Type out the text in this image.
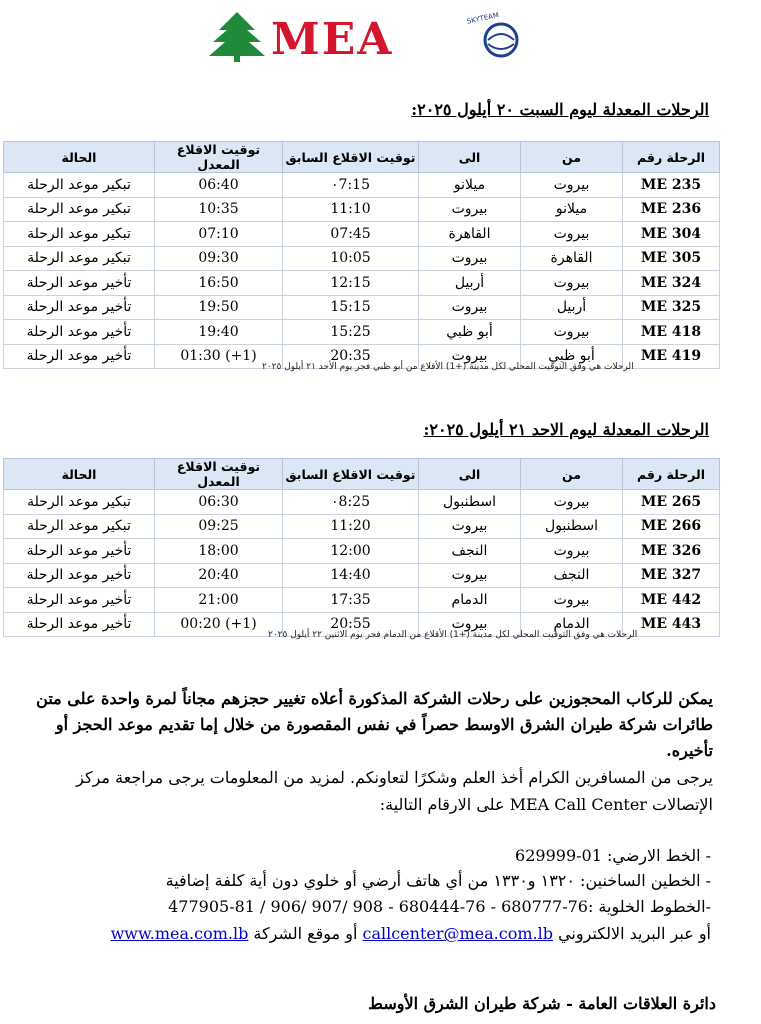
MEA	SKYTEAM
الرحلات المعدلة ليوم السبت ٢٠ أيلول ٢٠٢٥:
الرحلة رقم	من	الى	توقيت الاقلاع السابق	توقيت الاقلاع المعدل	الحالة
ME 235	بيروت	ميلانو	٠7:15	06:40	تبكير موعد الرحلة
ME 236	ميلانو	بيروت	11:10	10:35	تبكير موعد الرحلة
ME 304	بيروت	القاهرة	07:45	07:10	تبكير موعد الرحلة
ME 305	القاهرة	بيروت	10:05	09:30	تبكير موعد الرحلة
ME 324	بيروت	أربيل	12:15	16:50	تأخير موعد الرحلة
ME 325	أربيل	بيروت	15:15	19:50	تأخير موعد الرحلة
ME 418	بيروت	أبو ظبي	15:25	19:40	تأخير موعد الرحلة
ME 419	أبو ظبي	بيروت	20:35	01:30 (+1)	تأخير موعد الرحلة
الرحلات هي وفق التوقيت المحلي لكل مدينة (+1) الأقلاع من أبو ظبي فجر يوم الأحد ٢١ أيلول ٢٠٢٥
الرحلات المعدلة ليوم الاحد ٢١ أيلول ٢٠٢٥:
الرحلة رقم	من	الى	توقيت الاقلاع السابق	توقيت الاقلاع المعدل	الحالة
ME 265	بيروت	اسطنبول	٠8:25	06:30	تبكير موعد الرحلة
ME 266	اسطنبول	بيروت	11:20	09:25	تبكير موعد الرحلة
ME 326	بيروت	النجف	12:00	18:00	تأخير موعد الرحلة
ME 327	النجف	بيروت	14:40	20:40	تأخير موعد الرحلة
ME 442	بيروت	الدمام	17:35	21:00	تأخير موعد الرحلة
ME 443	الدمام	بيروت	20:55	00:20 (+1)	تأخير موعد الرحلة
الرحلات هي وفق التوقيت المحلي لكل مدينة (+1) الأقلاع من الدمام فجر يوم الاثنين ٢٢ أيلول ٢٠٢٥
يمكن للركاب المحجوزين على رحلات الشركة المذكورة أعلاه تغيير حجزهم مجاناً لمرة واحدة على متن طائرات شركة طيران الشرق الاوسط حصراً في نفس المقصورة من خلال إما تقديم موعد الحجز أو تأخيره.
يرجى من المسافرين الكرام أخذ العلم وشكرًا لتعاونكم. لمزيد من المعلومات يرجى مراجعة مركز الإتصالات MEA Call Center على الارقام التالية:
- الخط الارضي: 01-629999
- الخطين الساخنين: ١٣٢٠ و١٣٣٠ من أي هاتف أرضي أو خلوي دون أية كلفة إضافية
-الخطوط الخلوية :76-680777 - 76-680444 - 908 /907 /906 / 81-477905
أو عبر البريد الالكتروني callcenter@mea.com.lb أو موقع الشركة www.mea.com.lb
دائرة العلاقات العامة - شركة طيران الشرق الأوسط
